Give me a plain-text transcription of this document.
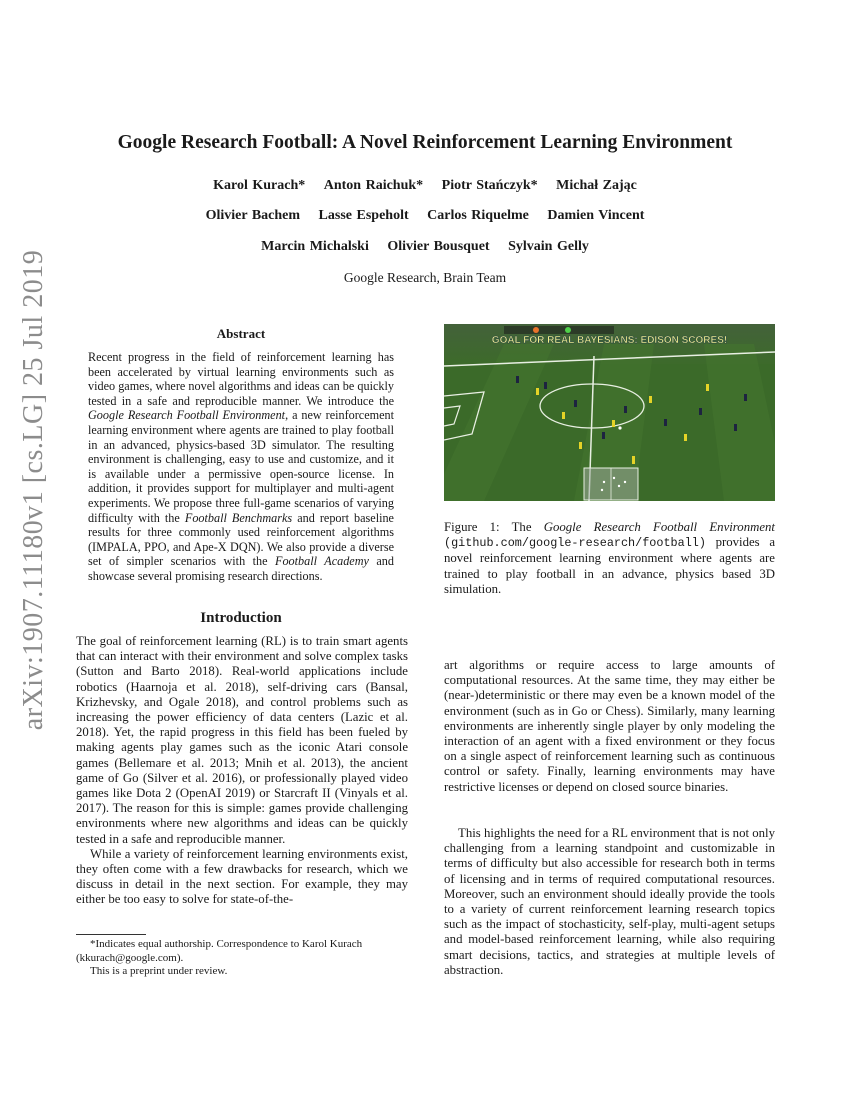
arXiv:1907.11180v1 [cs.LG] 25 Jul 2019
Google Research Football: A Novel Reinforcement Learning Environment
Karol Kurach* Anton Raichuk* Piotr Stańczyk* Michał Zając
Olivier Bachem Lasse Espeholt Carlos Riquelme Damien Vincent
Marcin Michalski Olivier Bousquet Sylvain Gelly
Google Research, Brain Team
Abstract
Recent progress in the field of reinforcement learning has been accelerated by virtual learning environments such as video games, where novel algorithms and ideas can be quickly tested in a safe and reproducible manner. We introduce the Google Research Football Environment, a new reinforcement learning environment where agents are trained to play football in an advanced, physics-based 3D simulator. The resulting environment is challenging, easy to use and customize, and it is available under a permissive open-source license. In addition, it provides support for multiplayer and multi-agent experiments. We propose three full-game scenarios of varying difficulty with the Football Benchmarks and report baseline results for three commonly used reinforcement algorithms (IMPALA, PPO, and Ape-X DQN). We also provide a diverse set of simpler scenarios with the Football Academy and showcase several promising research directions.
Introduction

The goal of reinforcement learning (RL) is to train smart agents that can interact with their environment and solve complex tasks (Sutton and Barto 2018). Real-world applications include robotics (Haarnoja et al. 2018), self-driving cars (Bansal, Krizhevsky, and Ogale 2018), and control problems such as increasing the power efficiency of data centers (Lazic et al. 2018). Yet, the rapid progress in this field has been fueled by making agents play games such as the iconic Atari console games (Bellemare et al. 2013; Mnih et al. 2013), the ancient game of Go (Silver et al. 2016), or professionally played video games like Dota 2 (OpenAI 2019) or Starcraft II (Vinyals et al. 2017). The reason for this is simple: games provide challenging environments where new algorithms and ideas can be quickly tested in a safe and reproducible manner.

While a variety of reinforcement learning environments exist, they often come with a few drawbacks for research, which we discuss in detail in the next section. For example, they may either be too easy to solve for state-of-the-

*Indicates equal authorship. Correspondence to Karol Kurach (kkurach@google.com).

This is a preprint under review.

GOAL FOR REAL BAYESIANS: EDISON SCORES!
Figure 1: The Google Research Football Environment (github.com/google-research/football) provides a novel reinforcement learning environment where agents are trained to play football in an advance, physics based 3D simulation.

art algorithms or require access to large amounts of computational resources. At the same time, they may either be (near-)deterministic or there may even be a known model of the environment (such as in Go or Chess). Similarly, many learning environments are inherently single player by only modeling the interaction of an agent with a fixed environment or they focus on a single aspect of reinforcement learning such as continuous control or safety. Finally, learning environments may have restrictive licenses or depend on closed source binaries.

This highlights the need for a RL environment that is not only challenging from a learning standpoint and customizable in terms of difficulty but also accessible for research both in terms of licensing and in terms of required computational resources. Moreover, such an environment should ideally provide the tools to a variety of current reinforcement learning research topics such as the impact of stochasticity, self-play, multi-agent setups and model-based reinforcement learning, while also requiring smart decisions, tactics, and strategies at multiple levels of abstraction.
